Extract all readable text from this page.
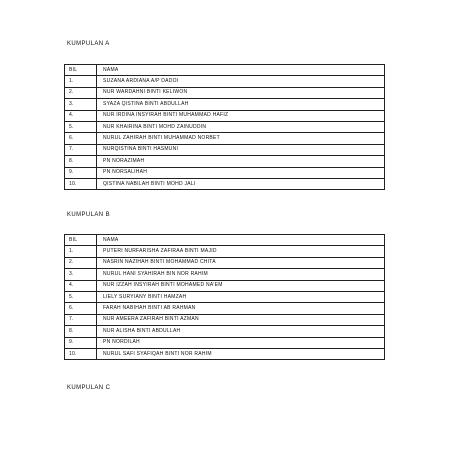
KUMPULAN A
BIL	NAMA
1.	SUZANA ARDIANA A/P DADOI
2.	NUR WARDAHNI BINTI KELIWON
3.	SYAZA QISTINA BINTI ABDULLAH
4.	NUR IRDINA INSYIRAH BINTI MUHAMMAD HAFIZ
5.	NUR KHAIRINA BINTI MOHD ZAINUDDIN
6.	NURUL ZAHIRAH BINTI MUHAMMAD NORBET
7.	NURQISTINA BINTI HASMUNI
8.	PN NORAZIMAH
9.	PN NORSALIHAH
10.	QISTINA NABILAH BINTI MOHD JALI
KUMPULAN B
BIL	NAMA
1.	PUTERI NURFARISHA ZAFIRAA BINTI MAJID
2.	NASRIN NAZIHAH BINTI MOHAMMAD CHITA
3.	NURUL HANI SYAHIRAH BIN NOR RAHIM
4.	NUR IZZAH INSYIRAH BINTI MOHAMED NA'EM
5.	LIELY SURYIANY BINTI HAMZAH
6.	FARAH NABIHAH BINTI AB RAHMAN
7.	NUR AMEERA ZAFIRAH BINTI AZMAN
8.	NUR ALISHA BINTI ABDULLAH
9.	PN NORDILAH
10.	NURUL SAFI SYAFIQAH BINTI NOR RAHIM
KUMPULAN C
